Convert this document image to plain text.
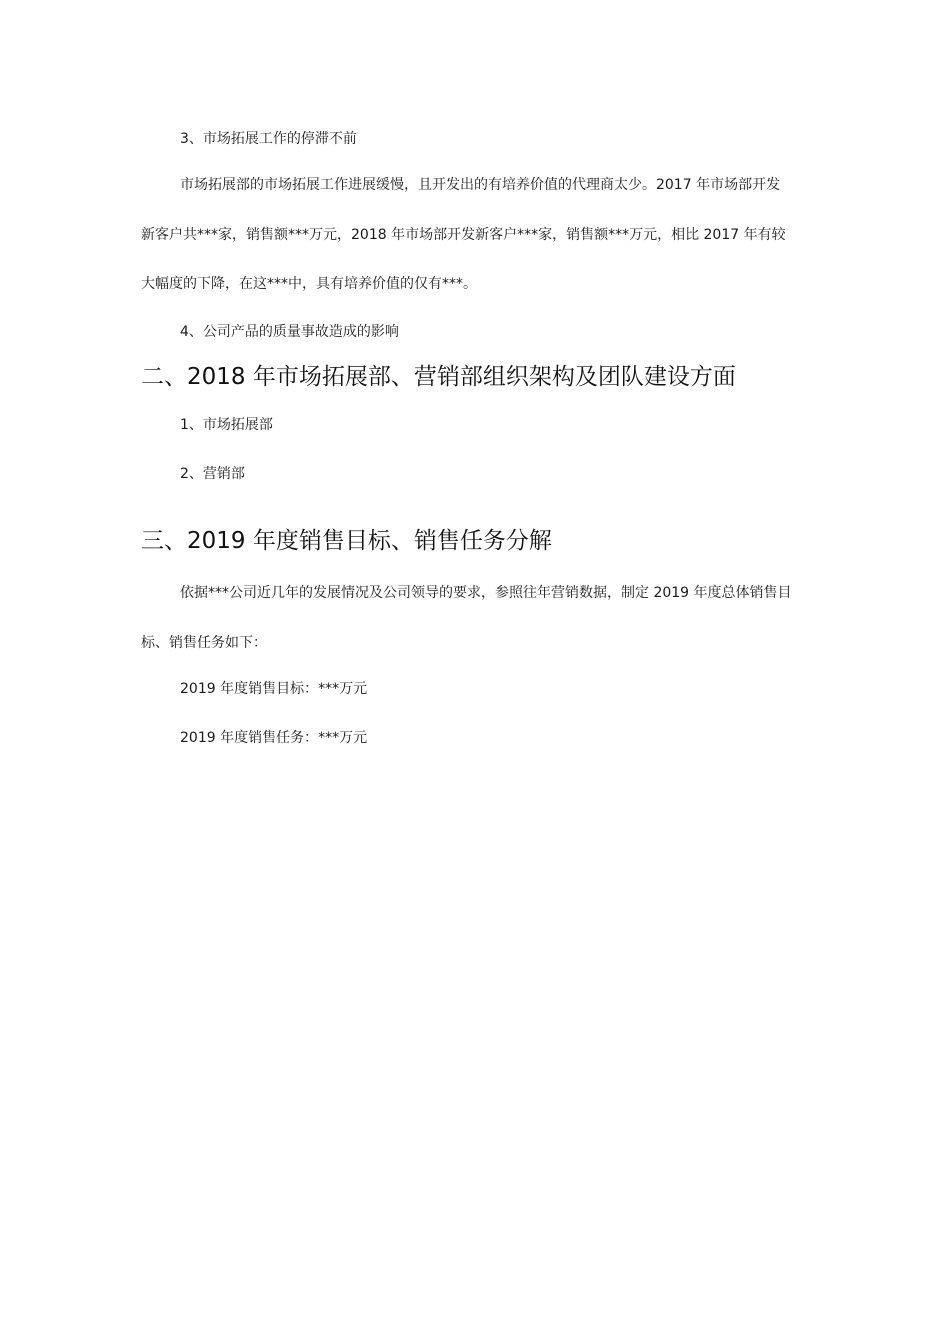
3、市场拓展工作的停滞不前
市场拓展部的市场拓展工作进展缓慢，且开发出的有培养价值的代理商太少。2017 年市场部开发
新客户共***家，销售额***万元，2018 年市场部开发新客户***家，销售额***万元，相比 2017 年有较
大幅度的下降，在这***中，具有培养价值的仅有***。
4、公司产品的质量事故造成的影响
二、2018 年市场拓展部、营销部组织架构及团队建设方面
1、市场拓展部
2、营销部
三、2019 年度销售目标、销售任务分解
依据***公司近几年的发展情况及公司领导的要求，参照往年营销数据，制定 2019 年度总体销售目
标、销售任务如下：
2019 年度销售目标：***万元
2019 年度销售任务：***万元
